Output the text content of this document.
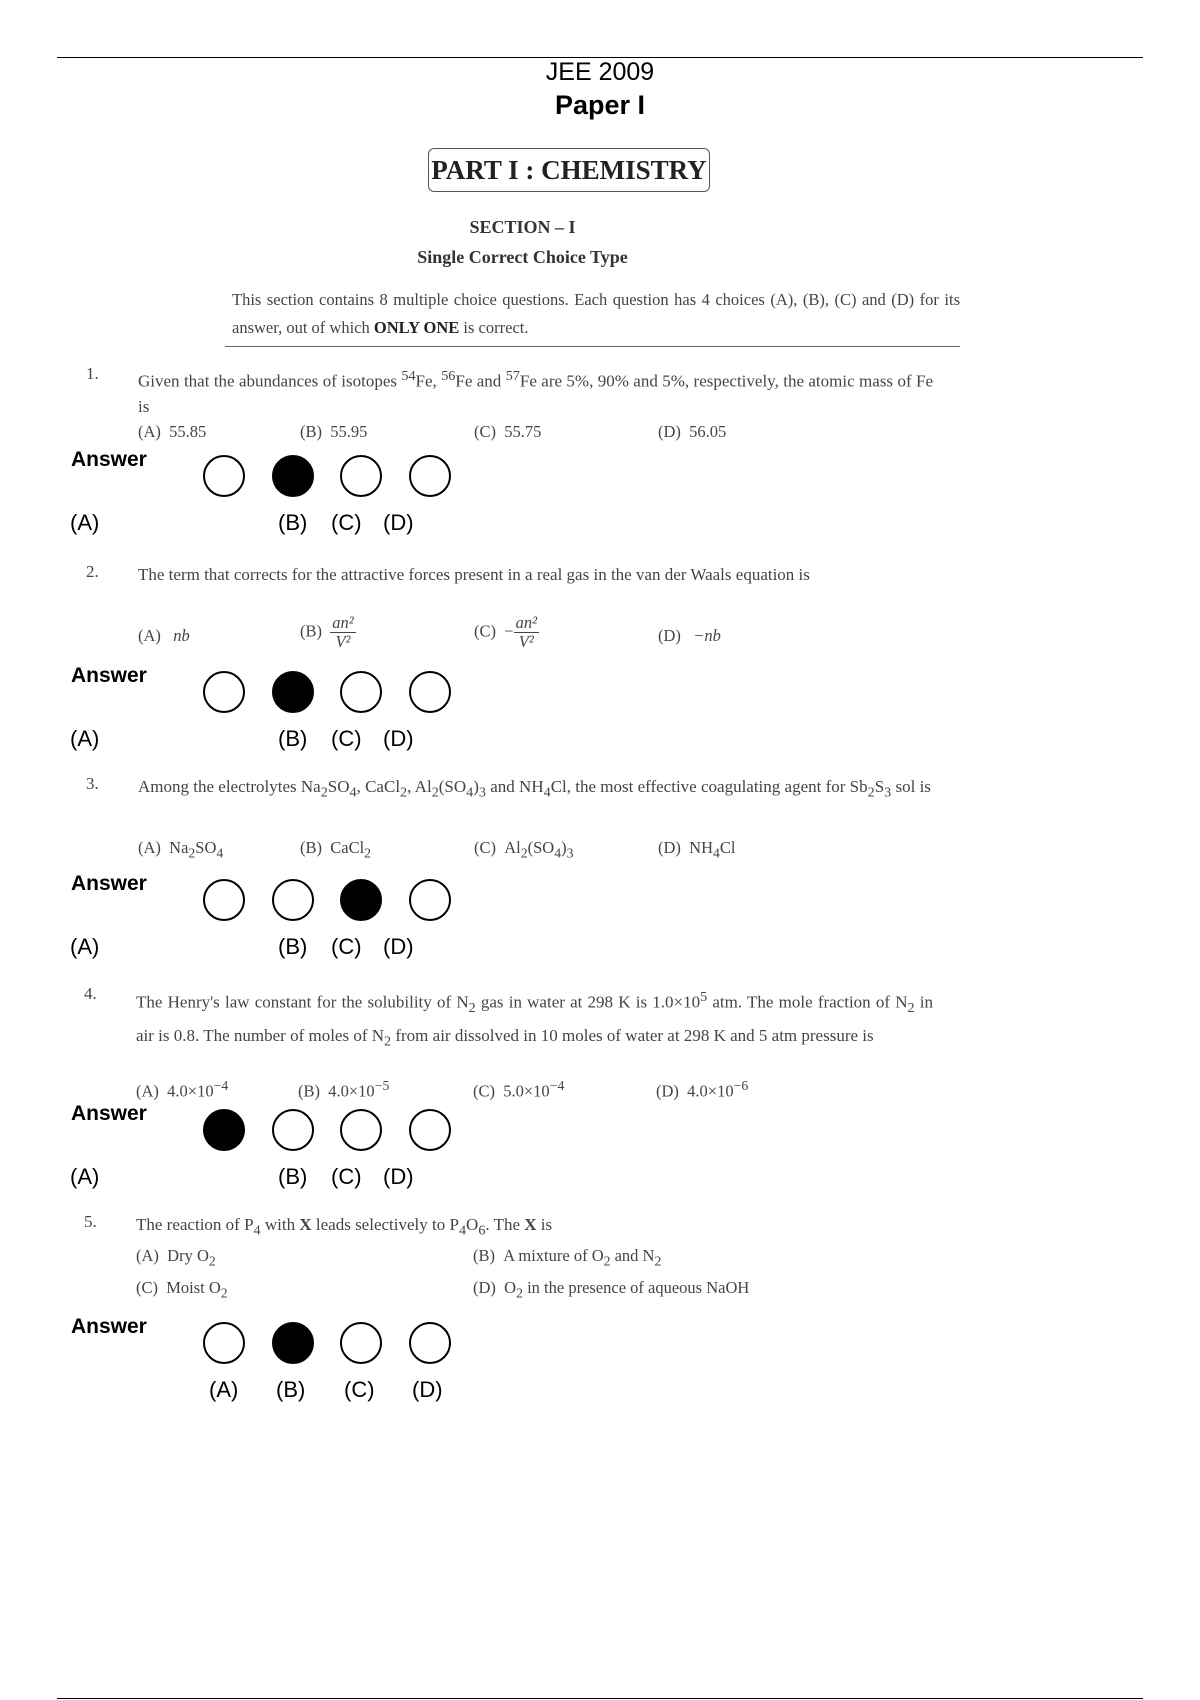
JEE 2009
Paper I
PART I : CHEMISTRY
SECTION – I
Single Correct Choice Type
This section contains 8 multiple choice questions. Each question has 4 choices (A), (B), (C) and (D) for its answer, out of which ONLY ONE is correct.
1. Given that the abundances of isotopes $^{54}$Fe, $^{56}$Fe and $^{57}$Fe are 5%, 90% and 5%, respectively, the atomic mass of Fe is
(A)  55.85	(B)  55.95	(C)  55.75	(D)  56.05
2. The term that corrects for the attractive forces present in a real gas in the van der Waals equation is
(A) nb	$(B) \frac{\text{an²}}{\text{V²}}$	$(C) - \frac{\text{an²}}{\text{V²}}$	(D) −nb
3. Among the electrolytes $Na_2SO_4$, CaCl$_2$, $Al_2(SO_4)_3$ and $NH_4Cl$, the most effective coagulating agent for $Sb_2S_3$ sol is
(A)  $Na_2SO_4$	(B)  CaCl$_2$	(C)  $Al_2(SO_4)_3$	(D)  $NH_4Cl$
4. The Henry's law constant for the solubility of $N_2$ gas in water at 298 K is $1.0\times 10^5$ atm. The mole fraction of $N_2$ in air is 0.8. The number of moles of $N_2$ from air dissolved in 10 moles of water at 298 K and 5 atm pressure is
(A)  $4.0\times 10^{-4}$	(B)  $4.0\times 10^{-5}$	(C)  $5.0\times 10^{-4}$	(D)  $4.0\times 10^{-6}$
5. The reaction of $P_4$ with X leads selectively to $P_4O_6$. The X is
(A)  Dry $O_2$	(B)  A mixture of $O_2$ and $N_2$
(C)  Moist $O_2$	(D)  $O_2$ in the presence of aqueous NaOH
Answer
(A)	(B) (C) (D)
Answer
(A)	(B) (C) (D)
Answer
(A)	(B) (C) (D)
Answer
(A)	(B) (C) (D)
Answer
(A) (B) (C) (D)
